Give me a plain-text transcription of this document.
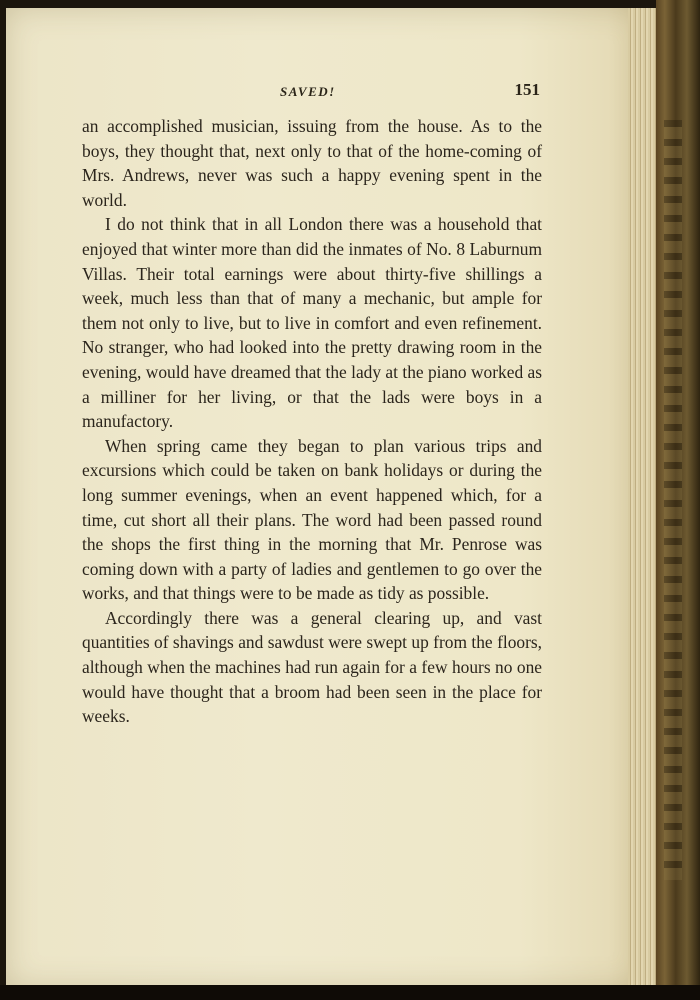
SAVED!	151

an accomplished musician, issuing from the house. As to the boys, they thought that, next only to that of the home-coming of Mrs. Andrews, never was such a happy evening spent in the world.

I do not think that in all London there was a household that enjoyed that winter more than did the inmates of No. 8 Laburnum Villas. Their total earnings were about thirty-five shillings a week, much less than that of many a mechanic, but ample for them not only to live, but to live in comfort and even refinement. No stranger, who had looked into the pretty drawing room in the evening, would have dreamed that the lady at the piano worked as a milliner for her living, or that the lads were boys in a manufactory.

When spring came they began to plan various trips and excursions which could be taken on bank holidays or during the long summer evenings, when an event happened which, for a time, cut short all their plans. The word had been passed round the shops the first thing in the morning that Mr. Penrose was coming down with a party of ladies and gentlemen to go over the works, and that things were to be made as tidy as possible.

Accordingly there was a general clearing up, and vast quantities of shavings and sawdust were swept up from the floors, although when the machines had run again for a few hours no one would have thought that a broom had been seen in the place for weeks.
